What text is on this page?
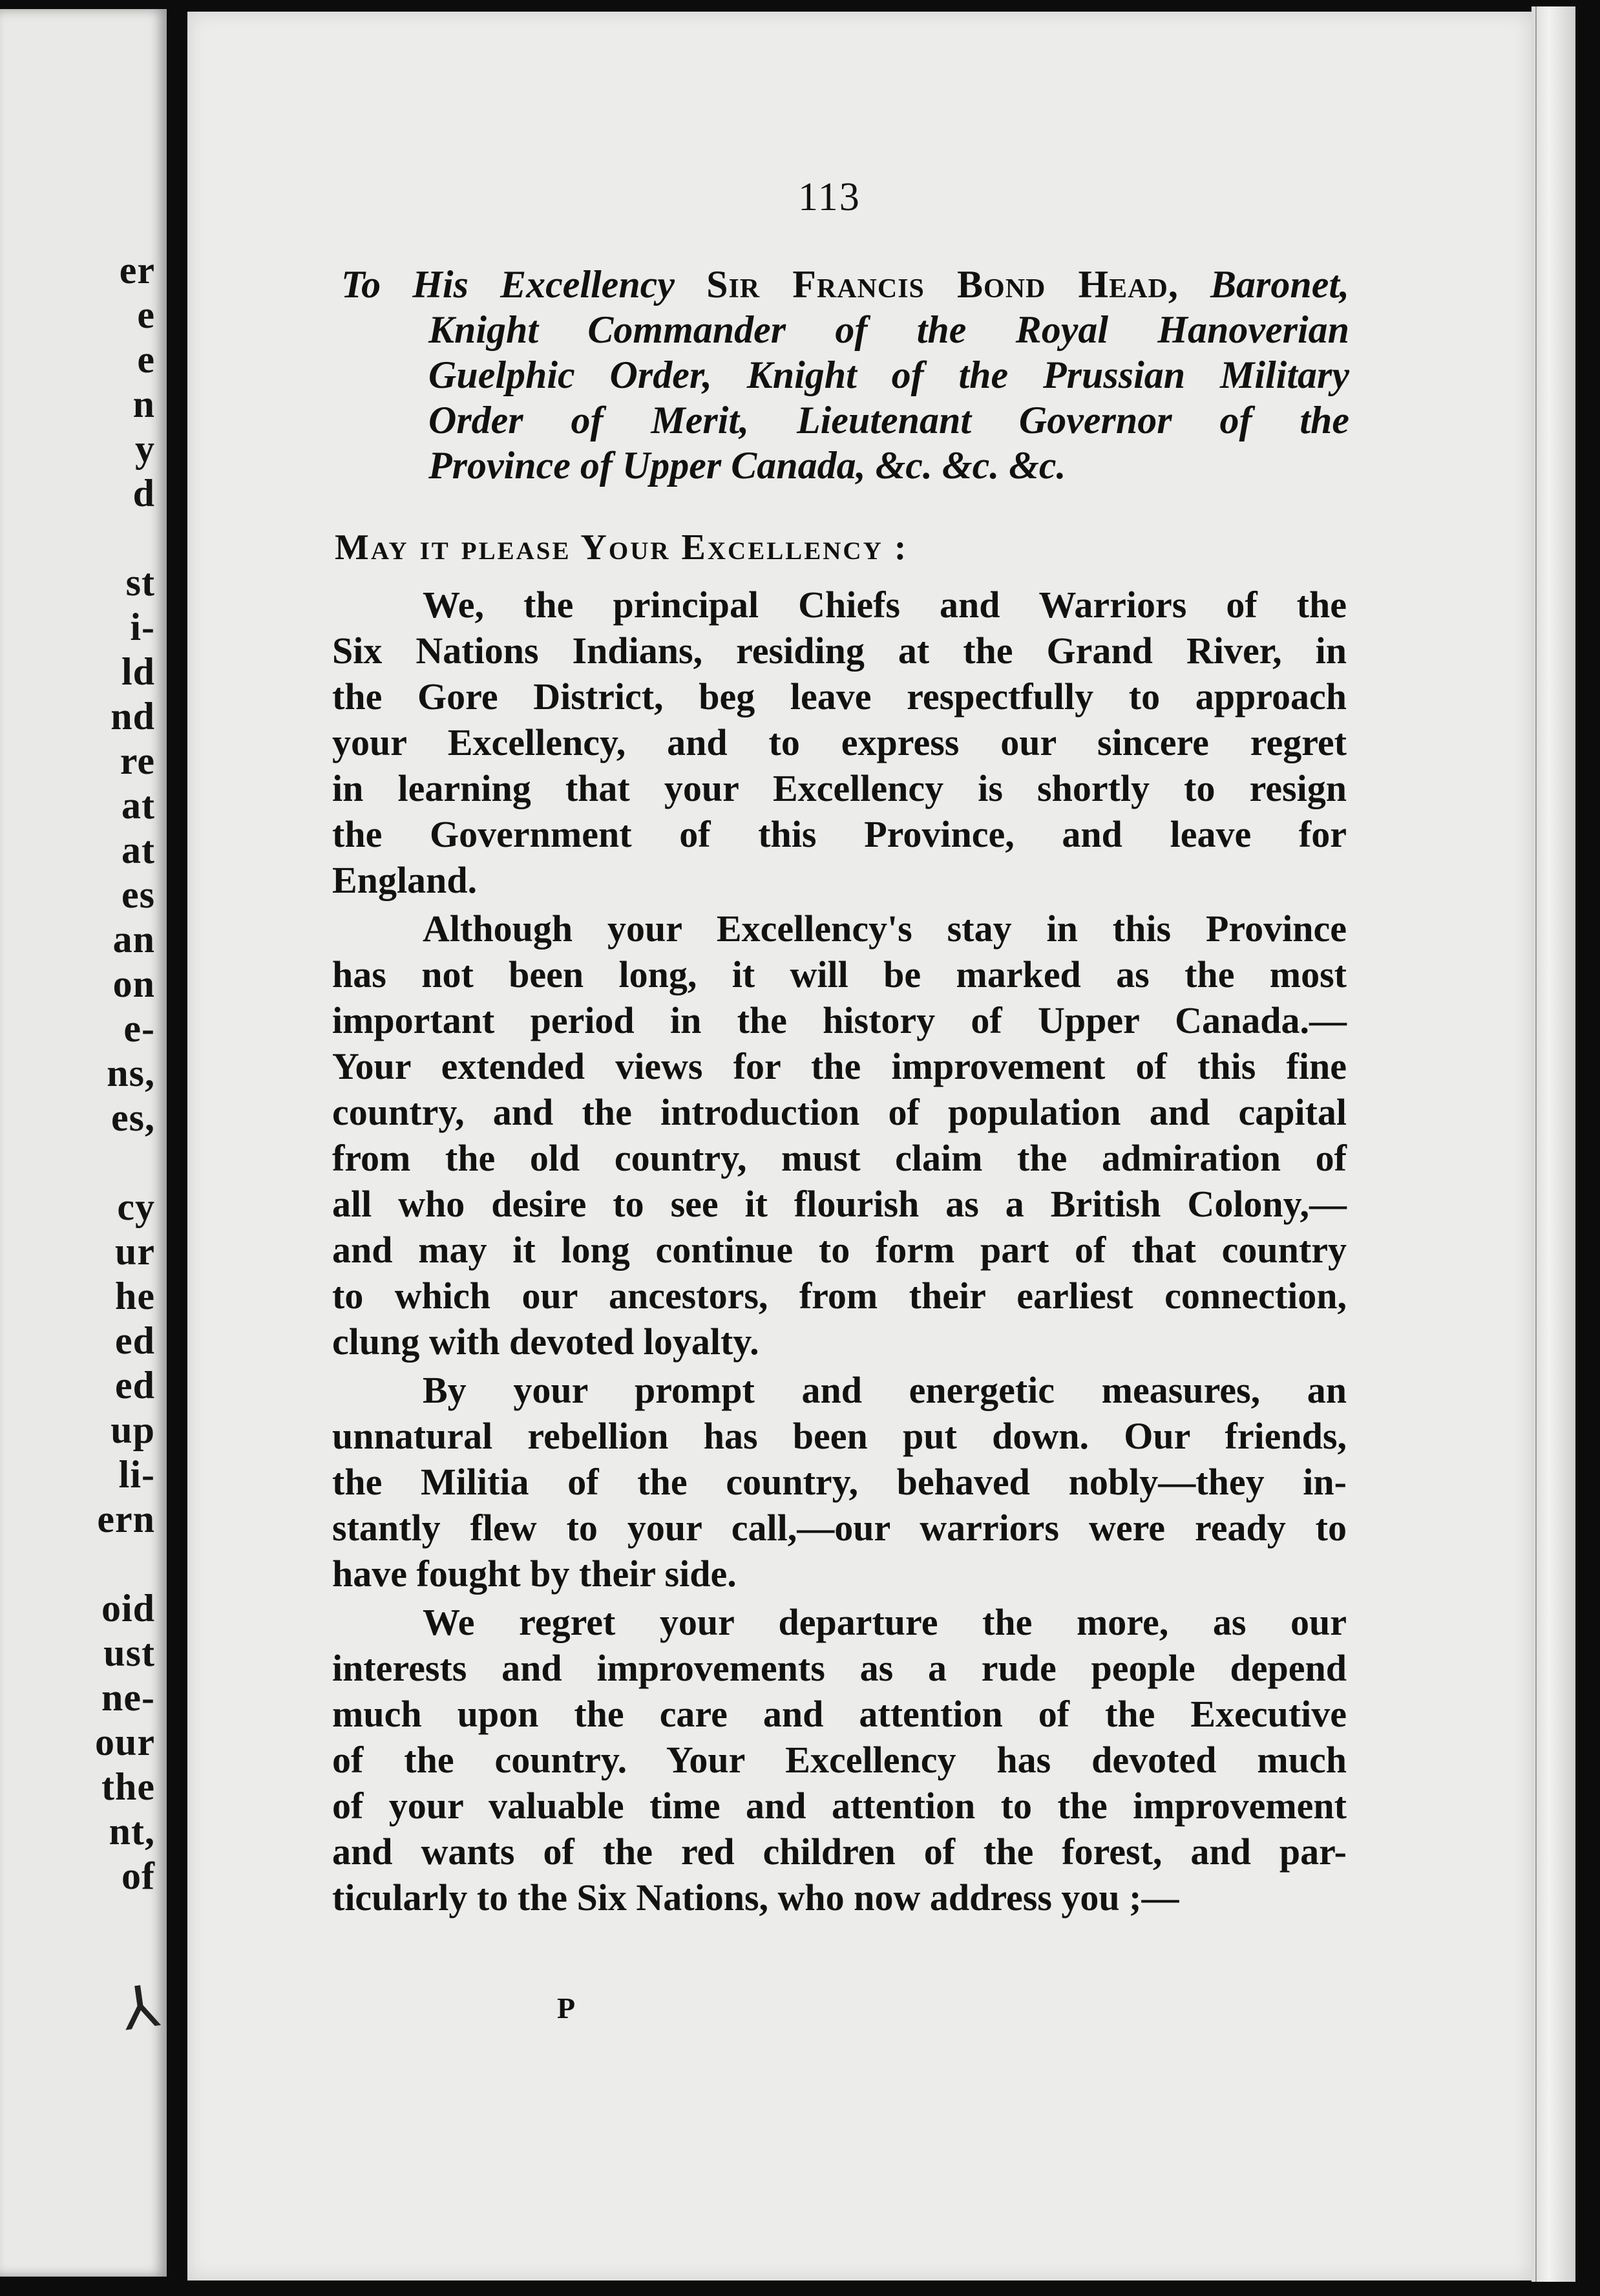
er
e
e
n
y
d
st
i-
ld
nd
re
at
at
es
an
on
e-
ns,
es,
cy
ur
he
ed
ed
up
li-
ern
oid
ust
ne-
our
the
nt,
of
⅄
113
To His Excellency Sir Francis Bond Head, Baronet,
Knight Commander of the Royal Hanoverian
Guelphic Order, Knight of the Prussian Military
Order of Merit, Lieutenant Governor of the
Province of Upper Canada, &c. &c. &c.
May it please Your Excellency :

We, the principal Chiefs and Warriors of the
Six Nations Indians, residing at the Grand River, in
the Gore District, beg leave respectfully to approach
your Excellency, and to express our sincere regret
in learning that your Excellency is shortly to resign
the Government of this Province, and leave for
England.

Although your Excellency's stay in this Province
has not been long, it will be marked as the most
important period in the history of Upper Canada.—
Your extended views for the improvement of this fine
country, and the introduction of population and capital
from the old country, must claim the admiration of
all who desire to see it flourish as a British Colony,—
and may it long continue to form part of that country
to which our ancestors, from their earliest connection,
clung with devoted loyalty.

By your prompt and energetic measures, an
unnatural rebellion has been put down. Our friends,
the Militia of the country, behaved nobly—they in-
stantly flew to your call,—our warriors were ready to
have fought by their side.

We regret your departure the more, as our
interests and improvements as a rude people depend
much upon the care and attention of the Executive
of the country. Your Excellency has devoted much
of your valuable time and attention to the improvement
and wants of the red children of the forest, and par-
ticularly to the Six Nations, who now address you ;—

P
